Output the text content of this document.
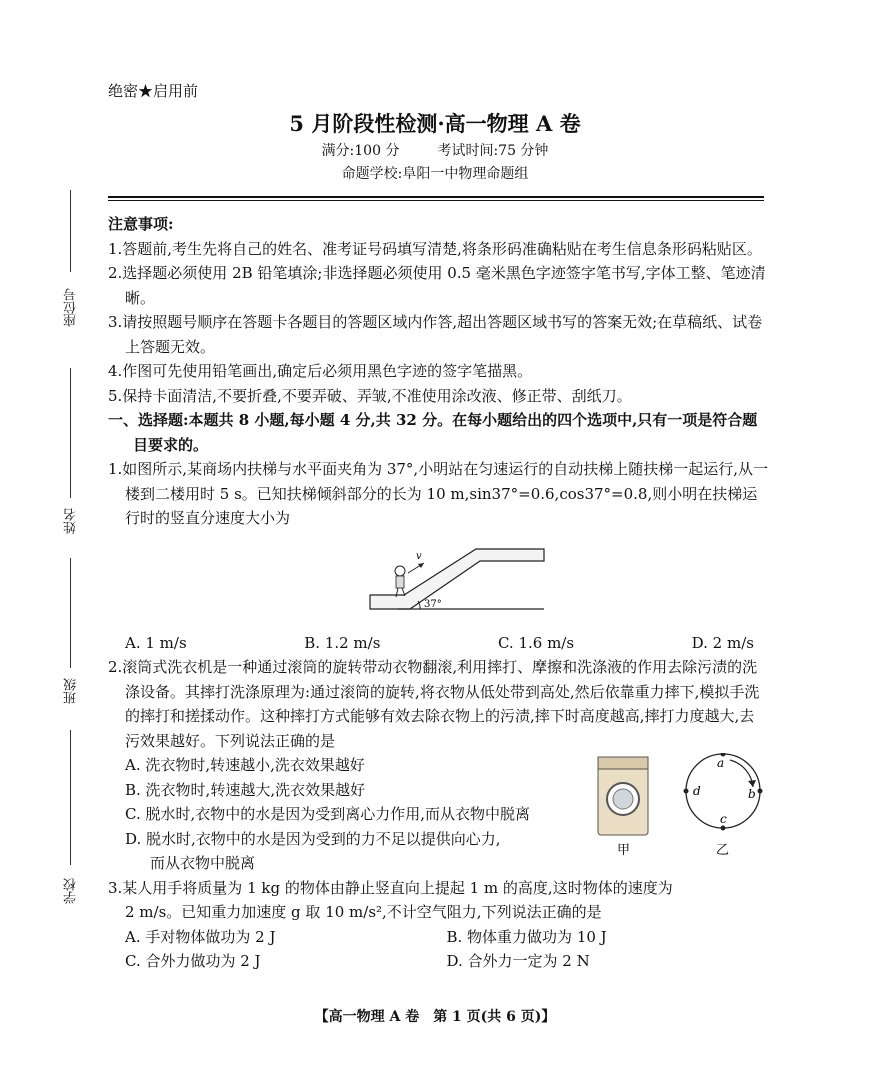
绝密★启用前
5 月阶段性检测·高一物理 A 卷
满分:100 分	考试时间:75 分钟
命题学校:阜阳一中物理命题组
座位号
姓名
班级
学校

注意事项:

1.答题前,考生先将自己的姓名、准考证号码填写清楚,将条形码准确粘贴在考生信息条形码粘贴区。

2.选择题必须使用 2B 铅笔填涂;非选择题必须使用 0.5 毫米黑色字迹签字笔书写,字体工整、笔迹清晰。

3.请按照题号顺序在答题卡各题目的答题区域内作答,超出答题区域书写的答案无效;在草稿纸、试卷上答题无效。

4.作图可先使用铅笔画出,确定后必须用黑色字迹的签字笔描黑。

5.保持卡面清洁,不要折叠,不要弄破、弄皱,不准使用涂改液、修正带、刮纸刀。

一、选择题:本题共 8 小题,每小题 4 分,共 32 分。在每小题给出的四个选项中,只有一项是符合题目要求的。

1.如图所示,某商场内扶梯与水平面夹角为 37°,小明站在匀速运行的自动扶梯上随扶梯一起运行,从一楼到二楼用时 5 s。已知扶梯倾斜部分的长为 10 m,sin37°=0.6,cos37°=0.8,则小明在扶梯运行时的竖直分速度大小为

v
37°
A. 1 m/s	B. 1.2 m/s	C. 1.6 m/s	D. 2 m/s

2.滚筒式洗衣机是一种通过滚筒的旋转带动衣物翻滚,利用摔打、摩擦和洗涤液的作用去除污渍的洗涤设备。其摔打洗涤原理为:通过滚筒的旋转,将衣物从低处带到高处,然后依靠重力摔下,模拟手洗的摔打和搓揉动作。这种摔打方式能够有效去除衣物上的污渍,摔下时高度越高,摔打力度越大,去污效果越好。下列说法正确的是

A. 洗衣物时,转速越小,洗衣效果越好

B. 洗衣物时,转速越大,洗衣效果越好

C. 脱水时,衣物中的水是因为受到离心力作用,而从衣物中脱离

D. 脱水时,衣物中的水是因为受到的力不足以提供向心力,

而从衣物中脱离

a
b
c
d
甲	乙

3.某人用手将质量为 1 kg 的物体由静止竖直向上提起 1 m 的高度,这时物体的速度为

2 m/s。已知重力加速度 g 取 10 m/s²,不计空气阻力,下列说法正确的是

A. 手对物体做功为 2 J	B. 物体重力做功为 10 J
C. 合外力做功为 2 J	D. 合外力一定为 2 N
【高一物理 A 卷　第 1 页(共 6 页)】
